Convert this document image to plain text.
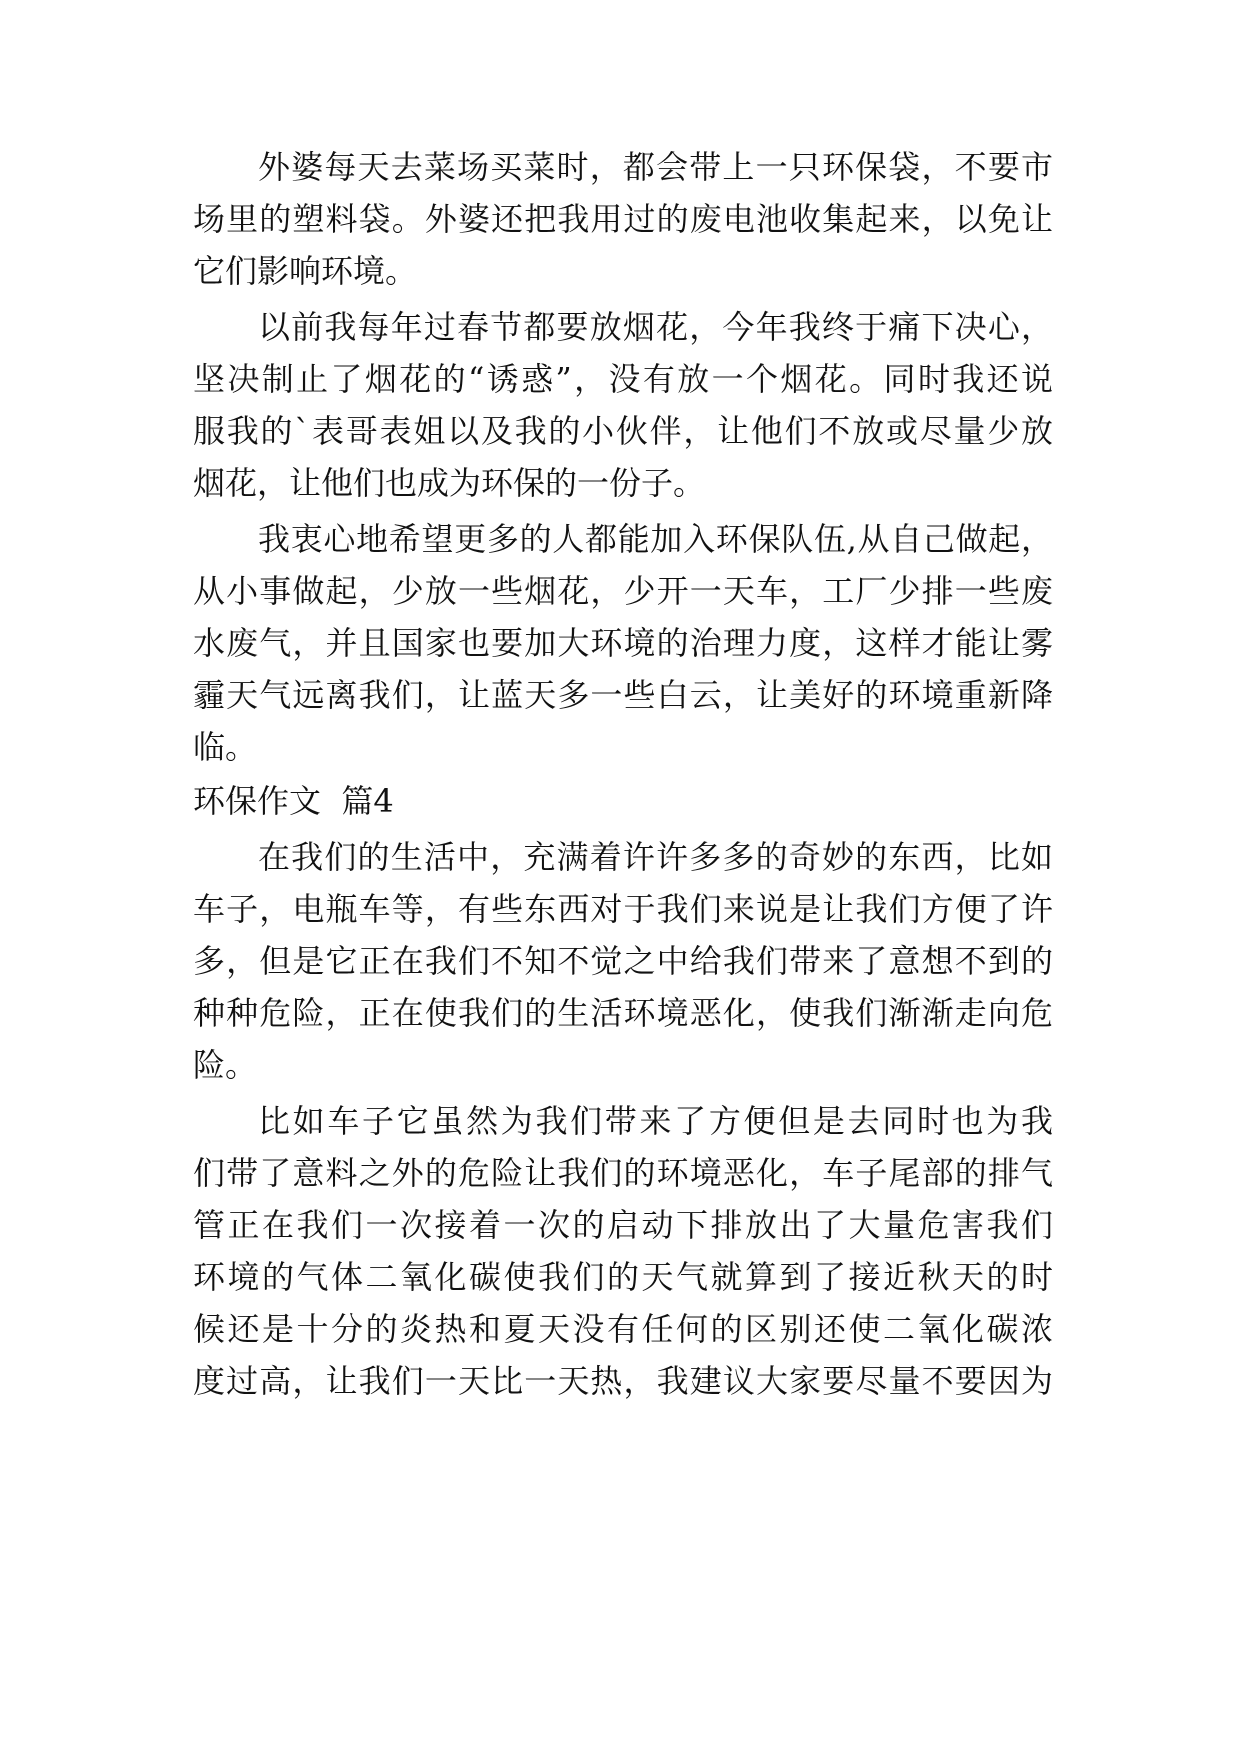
外婆每天去菜场买菜时，都会带上一只环保袋，不要市
场里的塑料袋。外婆还把我用过的废电池收集起来，以免让
它们影响环境。
以前我每年过春节都要放烟花，今年我终于痛下决心，
坚决制止了烟花的“诱惑”，没有放一个烟花。同时我还说
服我的`表哥表姐以及我的小伙伴，让他们不放或尽量少放
烟花，让他们也成为环保的一份子。
我衷心地希望更多的人都能加入环保队伍,从自己做起，
从小事做起，少放一些烟花，少开一天车，工厂少排一些废
水废气，并且国家也要加大环境的治理力度，这样才能让雾
霾天气远离我们，让蓝天多一些白云，让美好的环境重新降
临。
环保作文  篇4
在我们的生活中，充满着许许多多的奇妙的东西，比如
车子，电瓶车等，有些东西对于我们来说是让我们方便了许
多，但是它正在我们不知不觉之中给我们带来了意想不到的
种种危险，正在使我们的生活环境恶化，使我们渐渐走向危
险。
比如车子它虽然为我们带来了方便但是去同时也为我
们带了意料之外的危险让我们的环境恶化，车子尾部的排气
管正在我们一次接着一次的启动下排放出了大量危害我们
环境的气体二氧化碳使我们的天气就算到了接近秋天的时
候还是十分的炎热和夏天没有任何的区别还使二氧化碳浓
度过高，让我们一天比一天热，我建议大家要尽量不要因为
